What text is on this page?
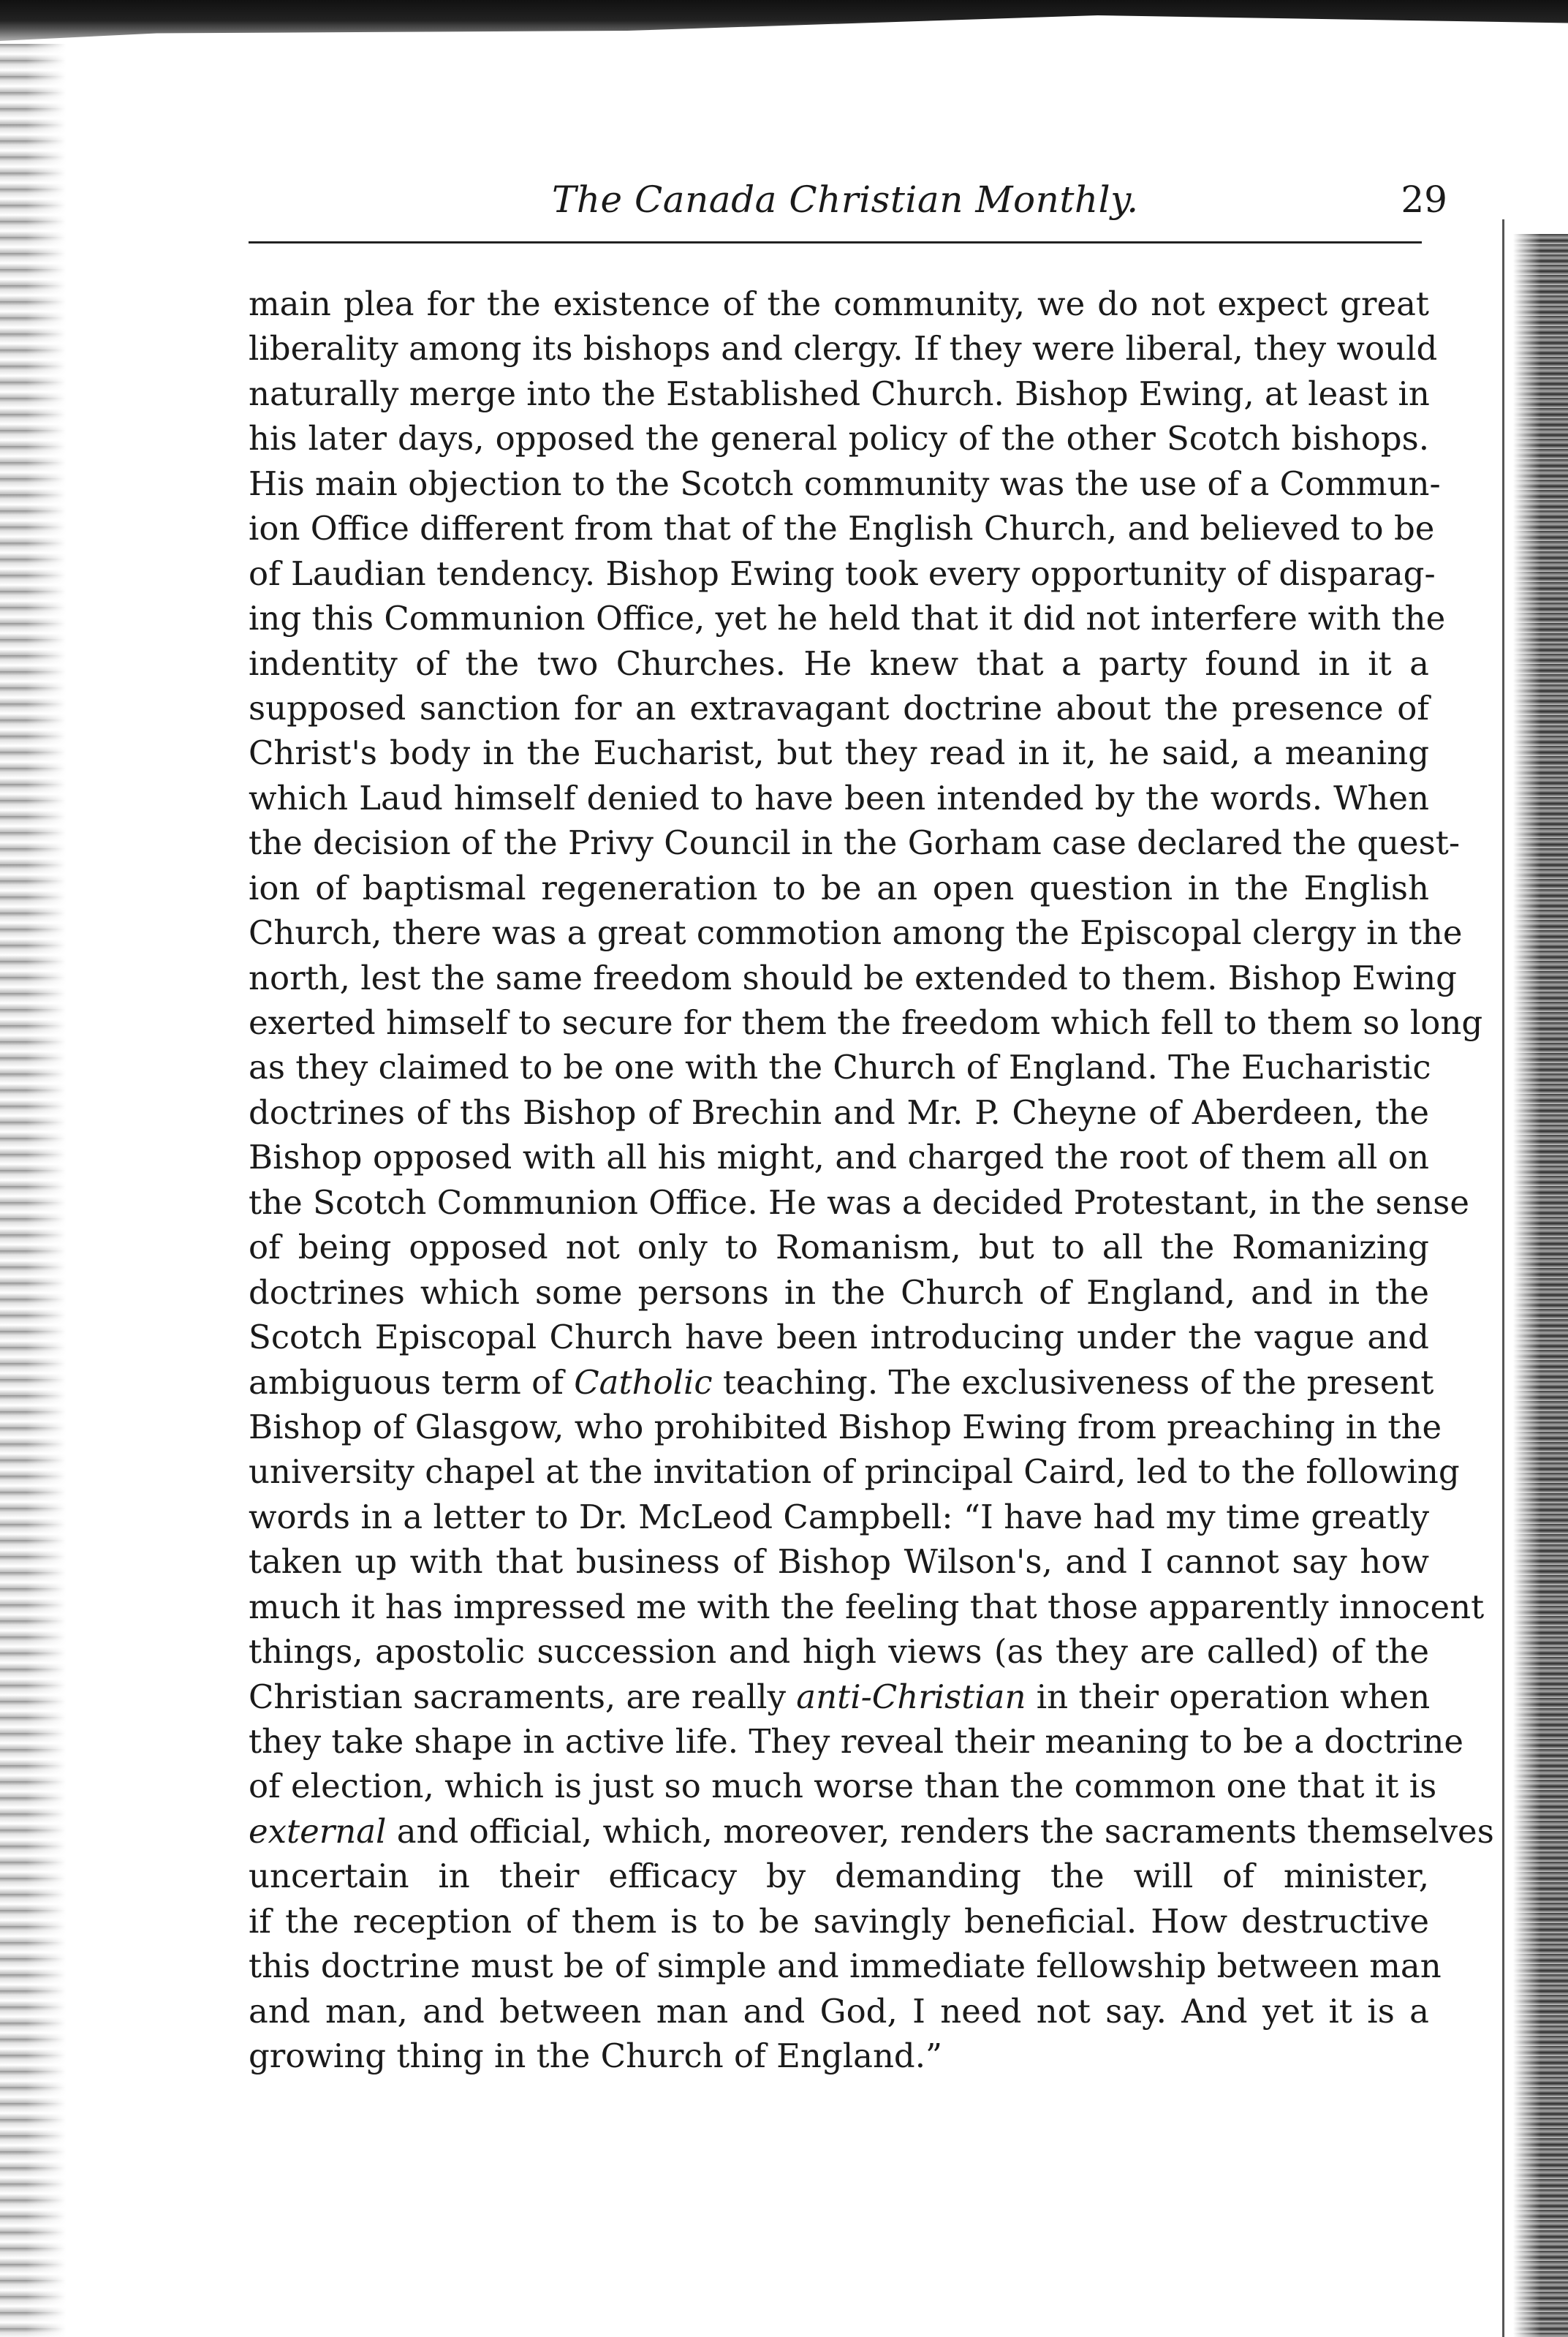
The Canada Christian Monthly.	29
main plea for the existence of the community, we do not expect great
liberality among its bishops and clergy. If they were liberal, they would
naturally merge into the Established Church. Bishop Ewing, at least in
his later days, opposed the general policy of the other Scotch bishops.
His main objection to the Scotch community was the use of a Commun-
ion Office different from that of the English Church, and believed to be
of Laudian tendency. Bishop Ewing took every opportunity of disparag-
ing this Communion Office, yet he held that it did not interfere with the
indentity of the two Churches. He knew that a party found in it a
supposed sanction for an extravagant doctrine about the presence of
Christ's body in the Eucharist, but they read in it, he said, a meaning
which Laud himself denied to have been intended by the words. When
the decision of the Privy Council in the Gorham case declared the quest-
ion of baptismal regeneration to be an open question in the English
Church, there was a great commotion among the Episcopal clergy in the
north, lest the same freedom should be extended to them. Bishop Ewing
exerted himself to secure for them the freedom which fell to them so long
as they claimed to be one with the Church of England. The Eucharistic
doctrines of ths Bishop of Brechin and Mr. P. Cheyne of Aberdeen, the
Bishop opposed with all his might, and charged the root of them all on
the Scotch Communion Office. He was a decided Protestant, in the sense
of being opposed not only to Romanism, but to all the Romanizing
doctrines which some persons in the Church of England, and in the
Scotch Episcopal Church have been introducing under the vague and
ambiguous term of Catholic teaching. The exclusiveness of the present
Bishop of Glasgow, who prohibited Bishop Ewing from preaching in the
university chapel at the invitation of principal Caird, led to the following
words in a letter to Dr. McLeod Campbell: “I have had my time greatly
taken up with that business of Bishop Wilson's, and I cannot say how
much it has impressed me with the feeling that those apparently innocent
things, apostolic succession and high views (as they are called) of the
Christian sacraments, are really anti-Christian in their operation when
they take shape in active life. They reveal their meaning to be a doctrine
of election, which is just so much worse than the common one that it is
external and official, which, moreover, renders the sacraments themselves
uncertain in their efficacy by demanding the will of minister,
if the reception of them is to be savingly beneficial. How destructive
this doctrine must be of simple and immediate fellowship between man
and man, and between man and God, I need not say. And yet it is a
growing thing in the Church of England.”
